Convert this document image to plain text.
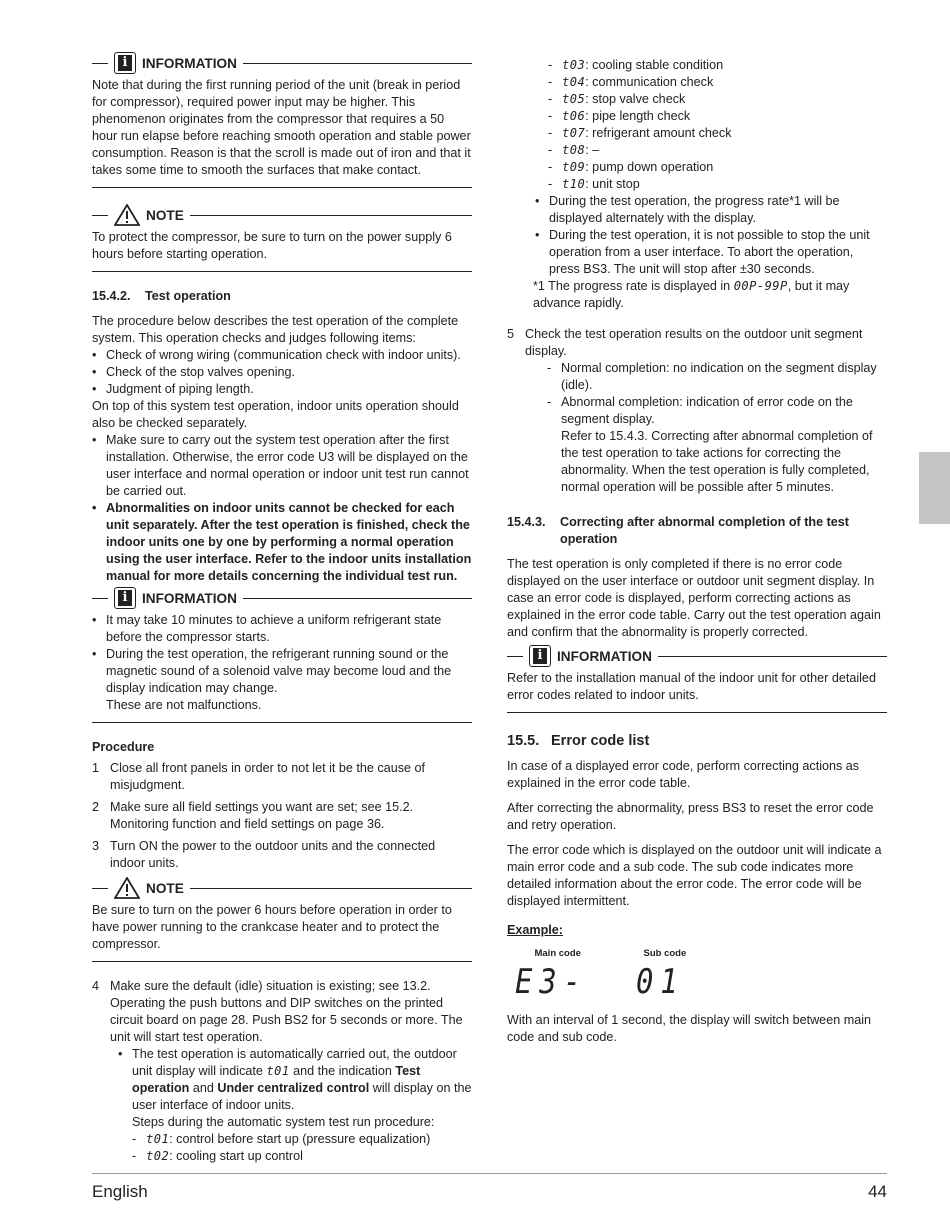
i	INFORMATION

Note that during the first running period of the unit (break in period for compressor), required power input may be higher. This phenomenon originates from the compressor that requires a 50 hour run elapse before reaching smooth operation and stable power consumption. Reason is that the scroll is made out of iron and that it takes some time to smooth the surfaces that make contact.

NOTE

To protect the compressor, be sure to turn on the power supply 6 hours before starting operation.

15.4.2.	Test operation

The procedure below describes the test operation of the complete system. This operation checks and judges following items:

• Check of wrong wiring (communication check with indoor units).
• Check of the stop valves opening.
• Judgment of piping length.

On top of this system test operation, indoor units operation should also be checked separately.

• Make sure to carry out the system test operation after the first installation. Otherwise, the error code U3 will be displayed on the user interface and normal operation or indoor unit test run cannot be carried out.
• Abnormalities on indoor units cannot be checked for each unit separately. After the test operation is finished, check the indoor units one by one by performing a normal operation using the user interface. Refer to the indoor units installation manual for more details concerning the individual test run.
i	INFORMATION
• It may take 10 minutes to achieve a uniform refrigerant state before the compressor starts.
• During the test operation, the refrigerant running sound or the magnetic sound of a solenoid valve may become loud and the display indication may change.

These are not malfunctions.

Procedure

1 Close all front panels in order to not let it be the cause of misjudgment.
2 Make sure all field settings you want are set; see 15.2. Monitoring function and field settings on page 36.
3 Turn ON the power to the outdoor units and the connected indoor units.
NOTE

Be sure to turn on the power 6 hours before operation in order to have power running to the crankcase heater and to protect the compressor.

4 Make sure the default (idle) situation is existing; see 13.2. Operating the push buttons and DIP switches on the printed circuit board on page 28. Push BS2 for 5 seconds or more. The unit will start test operation.

• The test operation is automatically carried out, the outdoor unit display will indicate t01 and the indication Test operation and Under centralized control will display on the user interface of indoor units.
Steps during the automatic system test run procedure:
- t01: control before start up (pressure equalization)
- t02: cooling start up control
- t03: cooling stable condition
- t04: communication check
- t05: stop valve check
- t06: pipe length check
- t07: refrigerant amount check
- t08: –
- t09: pump down operation
- t10: unit stop
• During the test operation, the progress rate*1 will be displayed alternately with the display.
• During the test operation, it is not possible to stop the unit operation from a user interface. To abort the operation, press BS3. The unit will stop after ±30 seconds.
*1 The progress rate is displayed in 00P-99P, but it may advance rapidly.
5 Check the test operation results on the outdoor unit segment display.

- Normal completion: no indication on the segment display (idle).
- Abnormal completion: indication of error code on the segment display.

Refer to 15.4.3. Correcting after abnormal completion of the test operation to take actions for correcting the abnormality. When the test operation is fully completed, normal operation will be possible after 5 minutes.

15.4.3.	Correcting after abnormal completion of the test operation

The test operation is only completed if there is no error code displayed on the user interface or outdoor unit segment display. In case an error code is displayed, perform correcting actions as explained in the error code table. Carry out the test operation again and confirm that the abnormality is properly corrected.

i	INFORMATION

Refer to the installation manual of the indoor unit for other detailed error codes related to indoor units.

15.5. Error code list

In case of a displayed error code, perform correcting actions as explained in the error code table.

After correcting the abnormality, press BS3 to reset the error code and retry operation.

The error code which is displayed on the outdoor unit will indicate a main error code and a sub code. The sub code indicates more detailed information about the error code. The error code will be displayed intermittent.

Example:

Main code
E3-
Sub code
01

With an interval of 1 second, the display will switch between main code and sub code.

English	44
